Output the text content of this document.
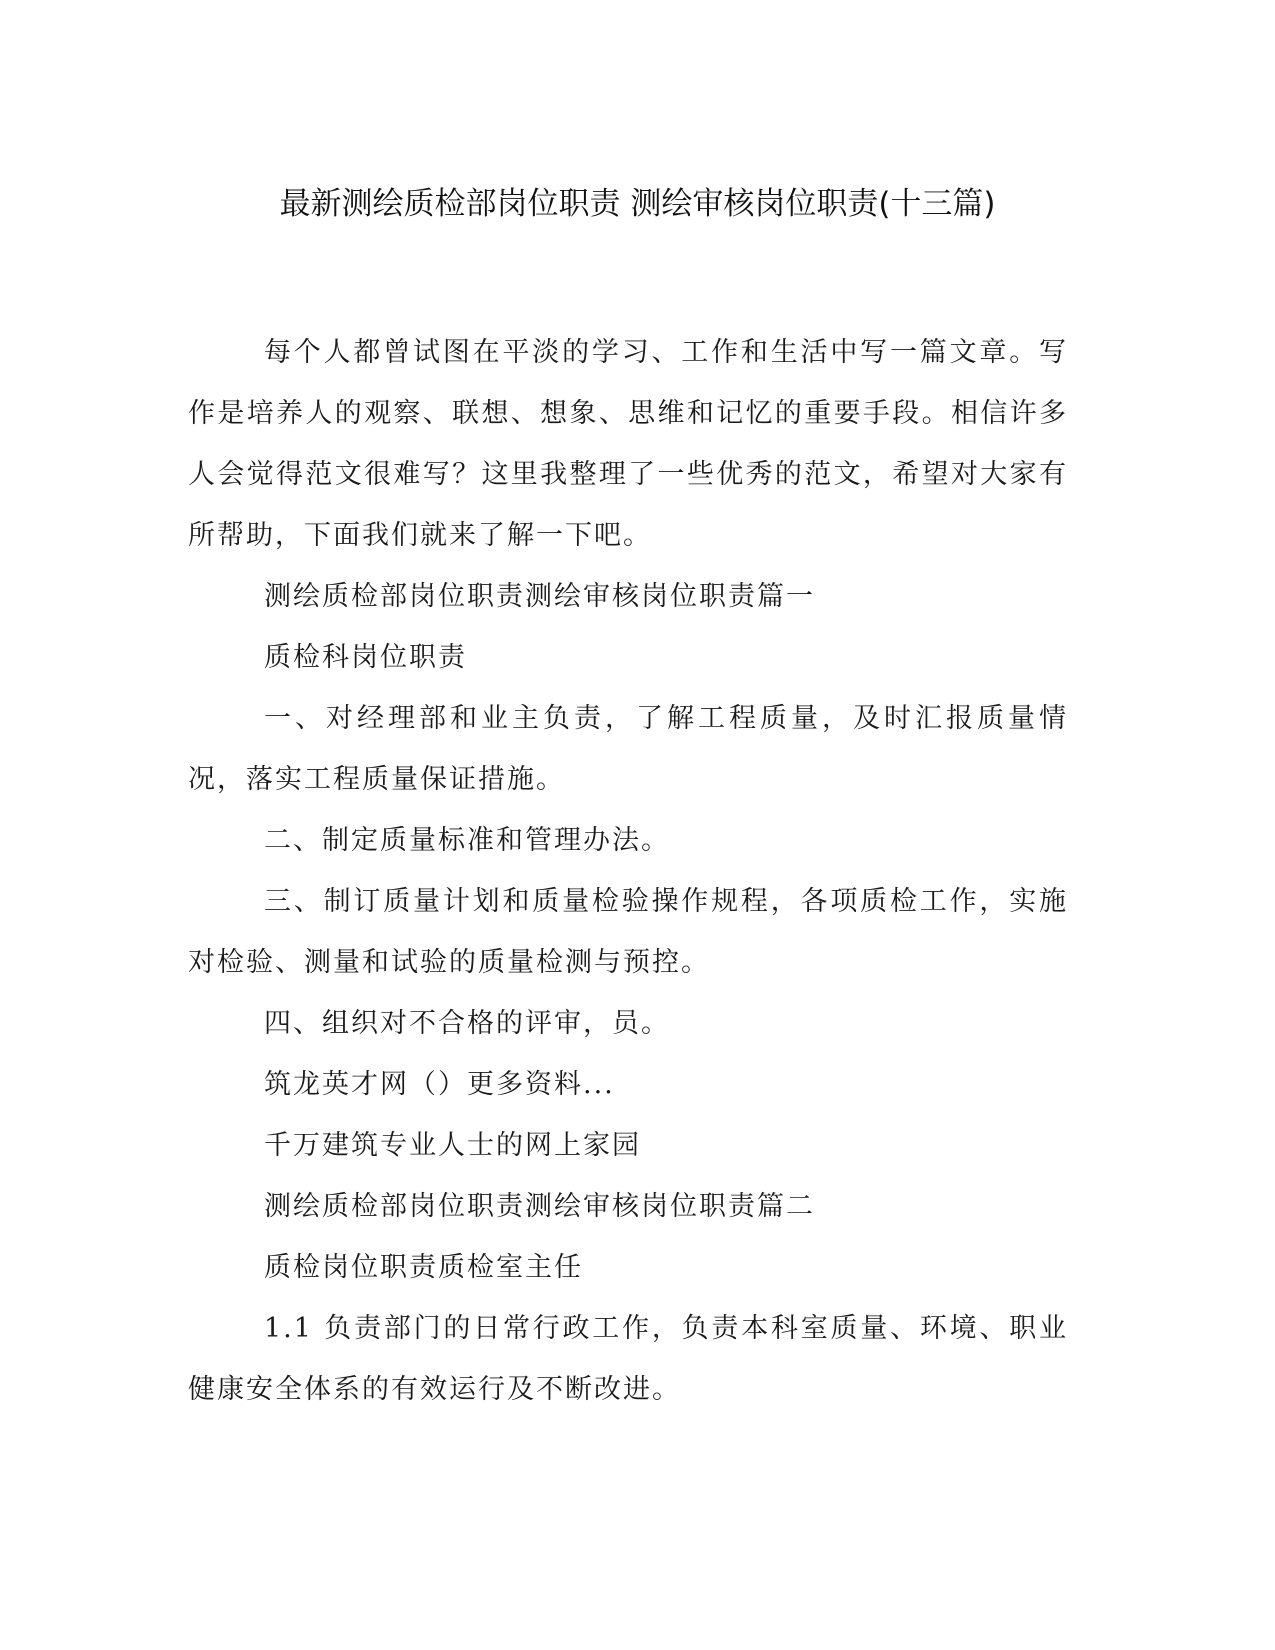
最新测绘质检部岗位职责 测绘审核岗位职责(十三篇)

每个人都曾试图在平淡的学习、工作和生活中写一篇文章。写作是培养人的观察、联想、想象、思维和记忆的重要手段。相信许多人会觉得范文很难写？这里我整理了一些优秀的范文，希望对大家有所帮助，下面我们就来了解一下吧。

测绘质检部岗位职责测绘审核岗位职责篇一

质检科岗位职责

一、对经理部和业主负责，了解工程质量，及时汇报质量情况，落实工程质量保证措施。

二、制定质量标准和管理办法。

三、制订质量计划和质量检验操作规程，各项质检工作，实施对检验、测量和试验的质量检测与预控。

四、组织对不合格的评审，员。

筑龙英才网（）更多资料...

千万建筑专业人士的网上家园

测绘质检部岗位职责测绘审核岗位职责篇二

质检岗位职责质检室主任

1.1 负责部门的日常行政工作，负责本科室质量、环境、职业健康安全体系的有效运行及不断改进。
